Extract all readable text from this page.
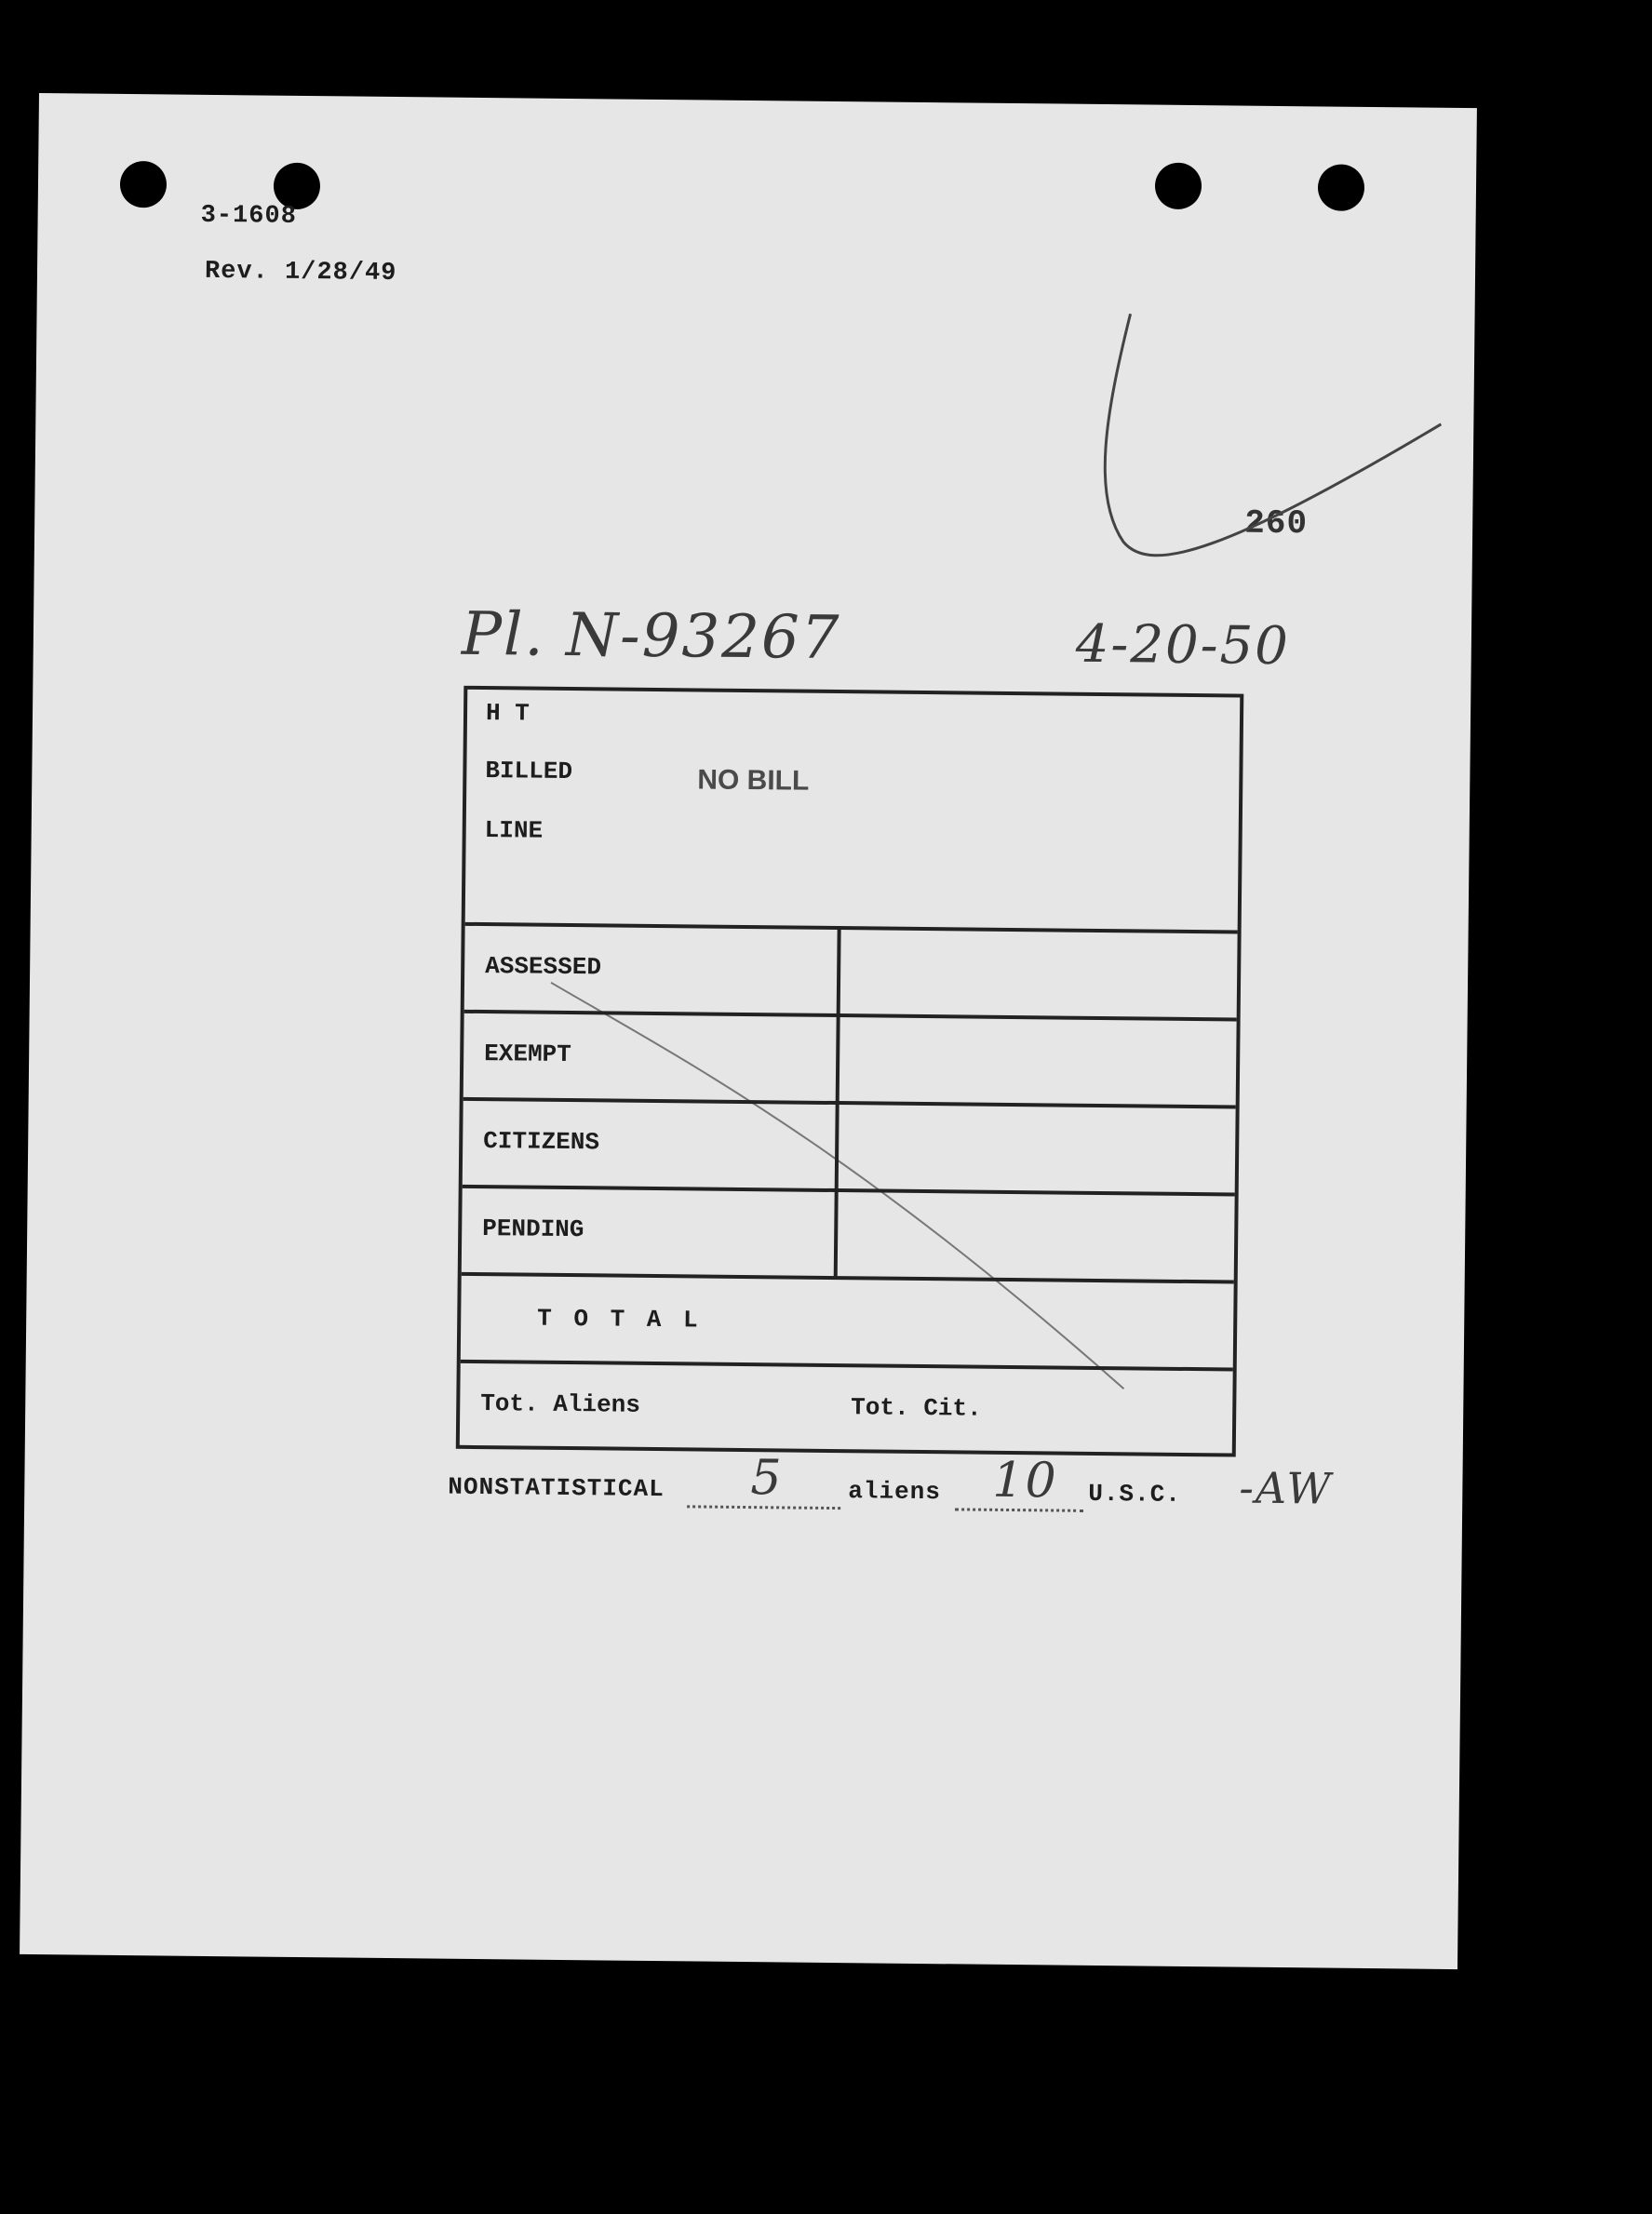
3-1608
Rev. 1/28/49
260
Pl. N-93267	4-20-50
H T
BILLED
LINE
NO BILL
ASSESSED
EXEMPT
CITIZENS
PENDING
T O T A L
Tot. Aliens	Tot. Cit.
NONSTATISTICAL 5	aliens 10 U.S.C. -AW
